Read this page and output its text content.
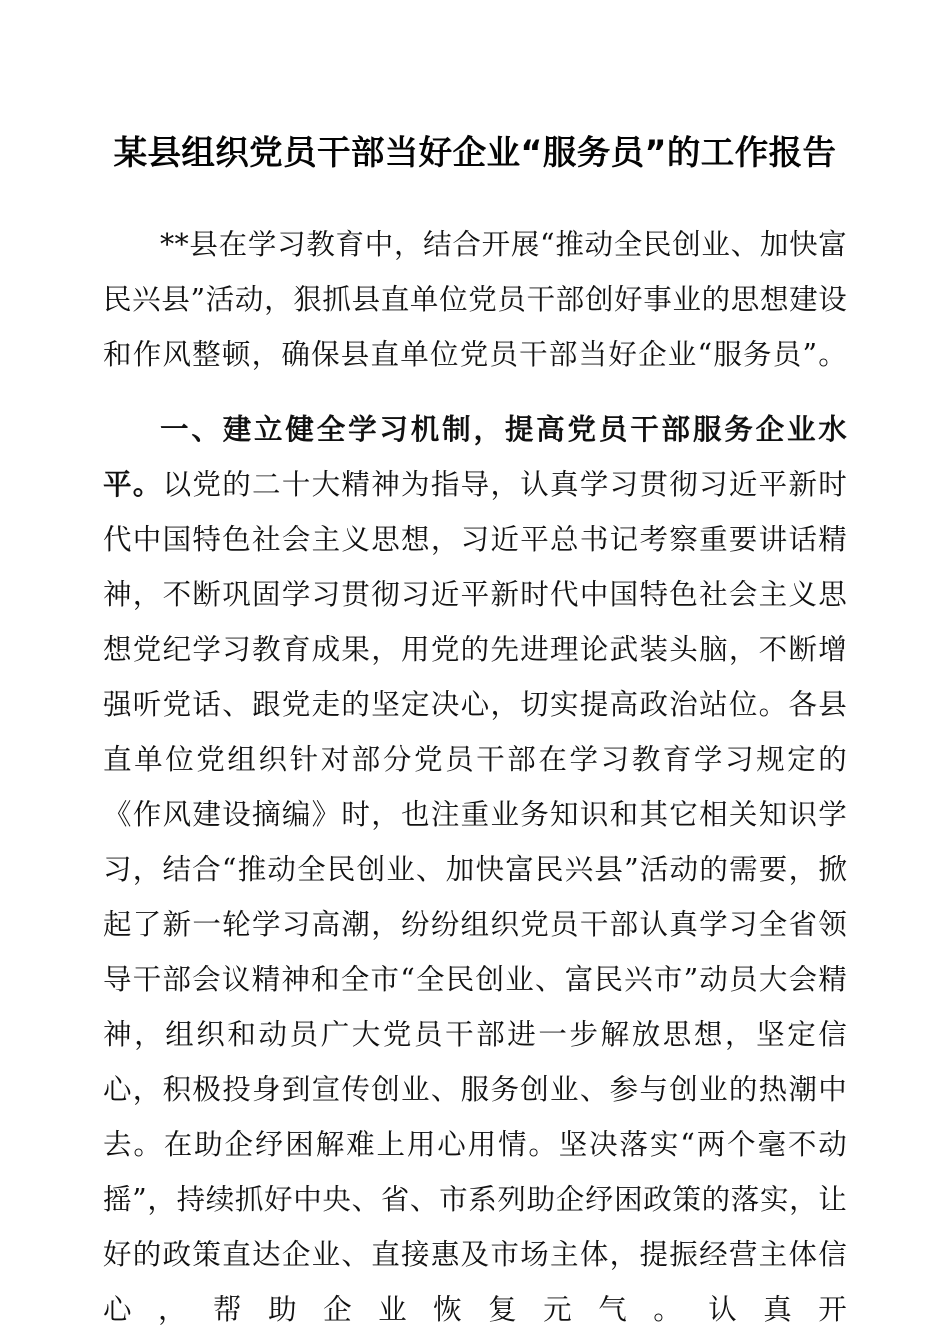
某县组织党员干部当好企业“服务员”的工作报告

**县在学习教育中，结合开展“推动全民创业、加快富民兴县”活动，狠抓县直单位党员干部创好事业的思想建设和作风整顿，确保县直单位党员干部当好企业“服务员”。

一、建立健全学习机制，提高党员干部服务企业水平。以党的二十大精神为指导，认真学习贯彻习近平新时代中国特色社会主义思想，习近平总书记考察重要讲话精神，不断巩固学习贯彻习近平新时代中国特色社会主义思想党纪学习教育成果，用党的先进理论武装头脑，不断增强听党话、跟党走的坚定决心，切实提高政治站位。各县直单位党组织针对部分党员干部在学习教育学习规定的《作风建设摘编》时，也注重业务知识和其它相关知识学习，结合“推动全民创业、加快富民兴县”活动的需要，掀起了新一轮学习高潮，纷纷组织党员干部认真学习全省领导干部会议精神和全市“全民创业、富民兴市”动员大会精神，组织和动员广大党员干部进一步解放思想，坚定信心，积极投身到宣传创业、服务创业、参与创业的热潮中去。在助企纾困解难上用心用情。坚决落实“两个毫不动摇”，持续抓好中央、省、市系列助企纾困政策的落实，让好的政策直达企业、直接惠及市场主体，提振经营主体信心，帮助企业恢复元气。认真开
